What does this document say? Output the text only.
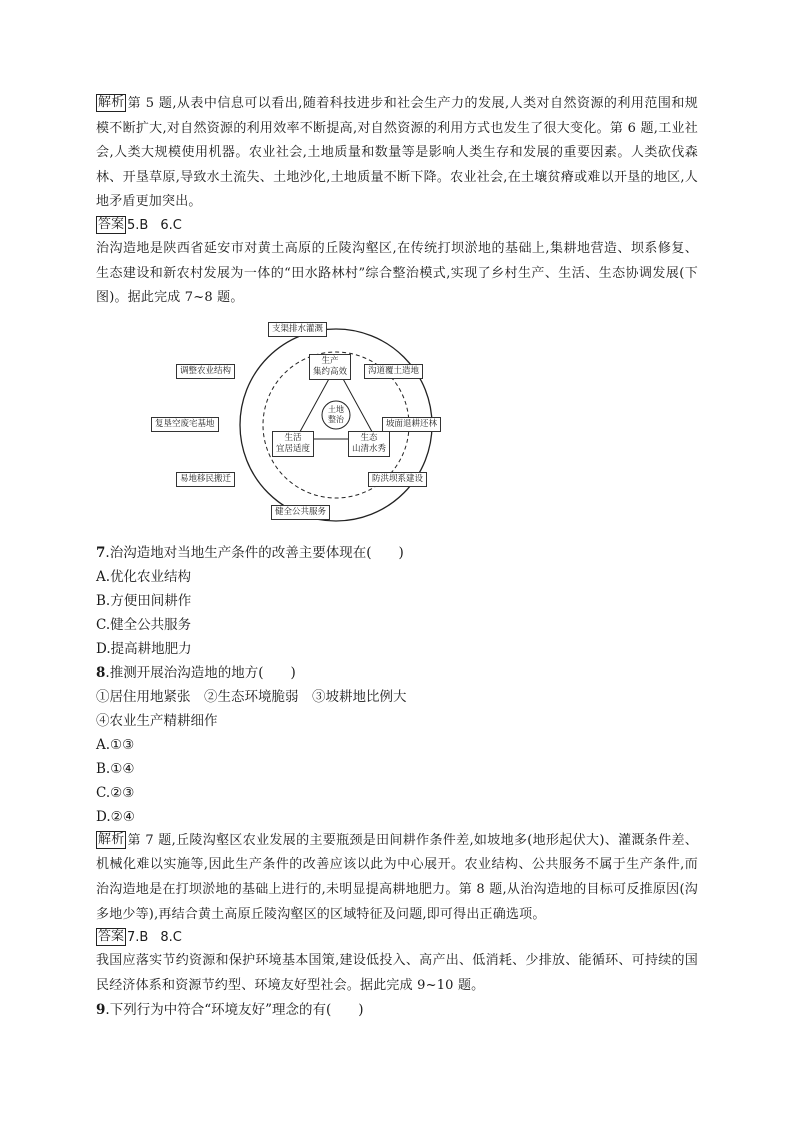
解析 第 5 题,从表中信息可以看出,随着科技进步和社会生产力的发展,人类对自然资源的利用范围和规模不断扩大,对自然资源的利用效率不断提高,对自然资源的利用方式也发生了很大变化。第 6 题,工业社会,人类大规模使用机器。农业社会,土地质量和数量等是影响人类生存和发展的重要因素。人类砍伐森林、开垦草原,导致水土流失、土地沙化,土地质量不断下降。农业社会,在土壤贫瘠或难以开垦的地区,人地矛盾更加突出。

答案 5.B 6.C

治沟造地是陕西省延安市对黄土高原的丘陵沟壑区,在传统打坝淤地的基础上,集耕地营造、坝系修复、生态建设和新农村发展为一体的“田水路林村”综合整治模式,实现了乡村生产、生活、生态协调发展(下图)。据此完成 7~8 题。

支渠排水灌溉
沟道覆土造地
坡面退耕还林
防洪坝系建设
健全公共服务
易地移民搬迁
复垦空废宅基地
调整农业结构
生产
集约高效
生活
宜居适度
生态
山清水秀
土地
整治

7.治沟造地对当地生产条件的改善主要体现在(　　)

A.优化农业结构

B.方便田间耕作

C.健全公共服务

D.提高耕地肥力

8.推测开展治沟造地的地方(　　)

①居住用地紧张　②生态环境脆弱　③坡耕地比例大

④农业生产精耕细作

A.①③

B.①④

C.②③

D.②④

解析 第 7 题,丘陵沟壑区农业发展的主要瓶颈是田间耕作条件差,如坡地多(地形起伏大)、灌溉条件差、机械化难以实施等,因此生产条件的改善应该以此为中心展开。农业结构、公共服务不属于生产条件,而治沟造地是在打坝淤地的基础上进行的,未明显提高耕地肥力。第 8 题,从治沟造地的目标可反推原因(沟多地少等),再结合黄土高原丘陵沟壑区的区域特征及问题,即可得出正确选项。

答案 7.B 8.C

我国应落实节约资源和保护环境基本国策,建设低投入、高产出、低消耗、少排放、能循环、可持续的国民经济体系和资源节约型、环境友好型社会。据此完成 9~10 题。

9.下列行为中符合“环境友好”理念的有(　　)
